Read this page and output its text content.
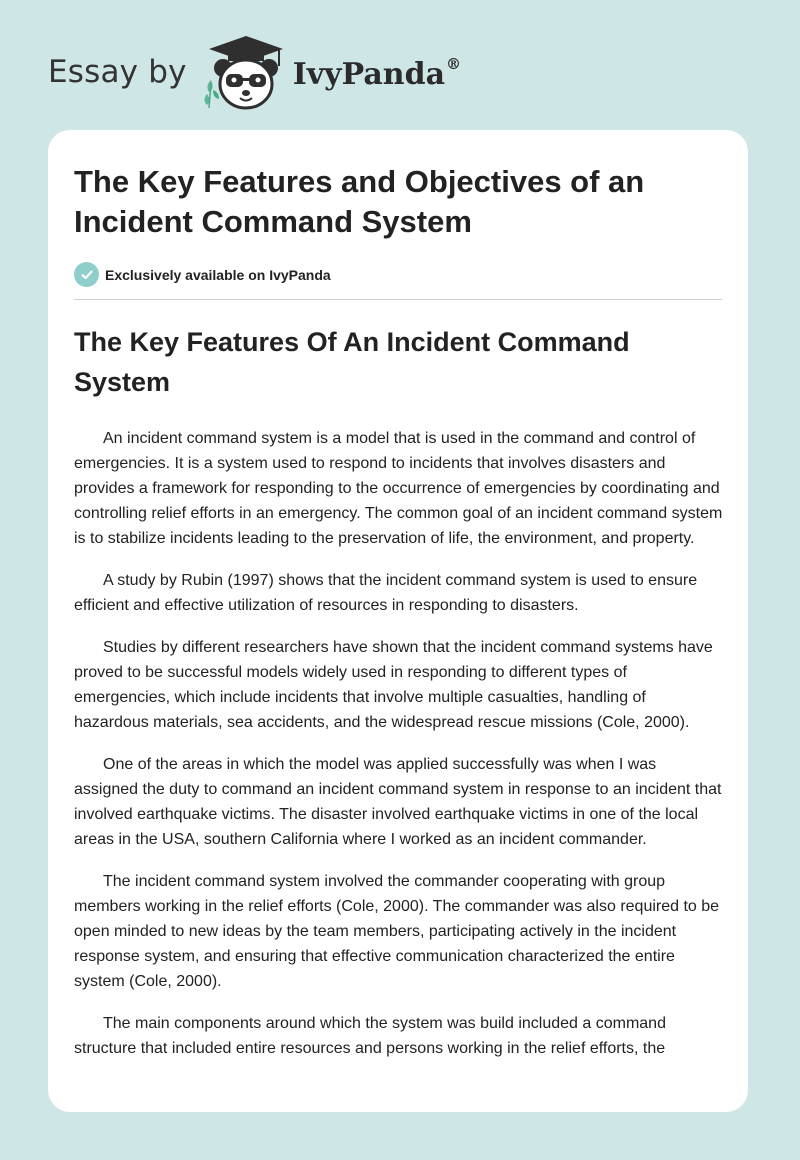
Essay by	IvyPanda®
The Key Features and Objectives of an Incident Command System
Exclusively available on IvyPanda
The Key Features Of An Incident Command System

An incident command system is a model that is used in the command and control of emergencies. It is a system used to respond to incidents that involves disasters and provides a framework for responding to the occurrence of emergencies by coordinating and controlling relief efforts in an emergency. The common goal of an incident command system is to stabilize incidents leading to the preservation of life, the environment, and property.

A study by Rubin (1997) shows that the incident command system is used to ensure efficient and effective utilization of resources in responding to disasters.

Studies by different researchers have shown that the incident command systems have proved to be successful models widely used in responding to different types of emergencies, which include incidents that involve multiple casualties, handling of hazardous materials, sea accidents, and the widespread rescue missions (Cole, 2000).

One of the areas in which the model was applied successfully was when I was assigned the duty to command an incident command system in response to an incident that involved earthquake victims. The disaster involved earthquake victims in one of the local areas in the USA, southern California where I worked as an incident commander.

The incident command system involved the commander cooperating with group members working in the relief efforts (Cole, 2000). The commander was also required to be open minded to new ideas by the team members, participating actively in the incident response system, and ensuring that effective communication characterized the entire system (Cole, 2000).

The main components around which the system was build included a command structure that included entire resources and persons working in the relief efforts, the
